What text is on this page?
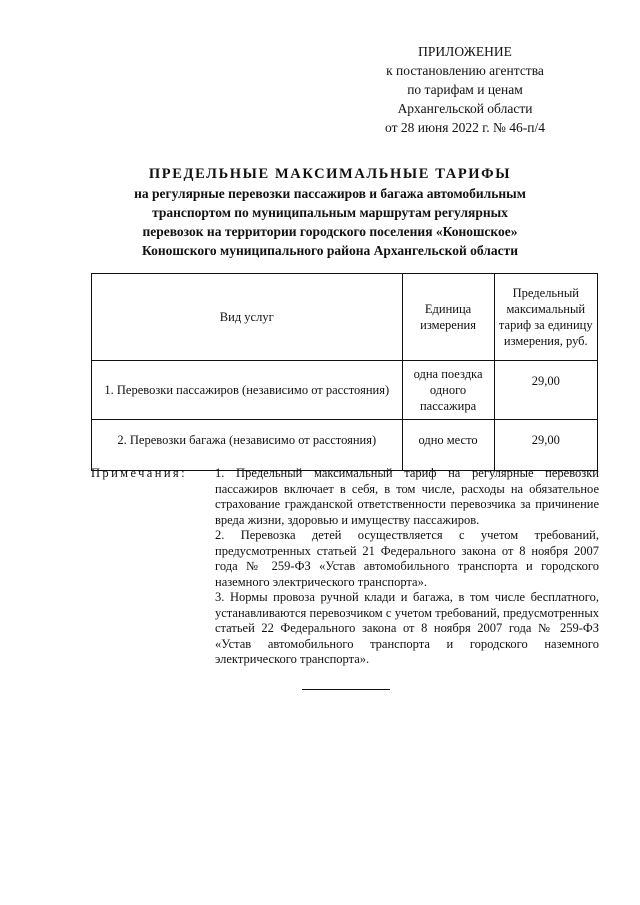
ПРИЛОЖЕНИЕ
к постановлению агентства
по тарифам и ценам
Архангельской области
от 28 июня 2022 г. № 46-п/4
ПРЕДЕЛЬНЫЕ МАКСИМАЛЬНЫЕ ТАРИФЫ
на регулярные перевозки пассажиров и багажа автомобильным
транспортом по муниципальным маршрутам регулярных
перевозок на территории городского поселения «Коношское»
Коношского муниципального района Архангельской области
Вид услуг	Единица измерения	Предельный максимальный тариф за единицу измерения, руб.
1. Перевозки пассажиров (независимо от расстояния)	одна поездка одного пассажира	29,00
2. Перевозки багажа (независимо от расстояния)	одно место	29,00
Примечания:	1. Предельный максимальный тариф на регулярные перевозки пассажиров включает в себя, в том числе, расходы на обязательное страхование гражданской ответственности перевозчика за причинение вреда жизни, здоровью и имуществу пассажиров.
2. Перевозка детей осуществляется с учетом требований, предусмотренных статьей 21 Федерального закона от 8 ноября 2007 года № 259-ФЗ «Устав автомобильного транспорта и городского наземного электрического транспорта».
3. Нормы провоза ручной клади и багажа, в том числе бесплатного, устанавливаются перевозчиком с учетом требований, предусмотренных статьей 22 Федерального закона от 8 ноября 2007 года № 259-ФЗ «Устав автомобильного транспорта и городского наземного электрического транспорта».
